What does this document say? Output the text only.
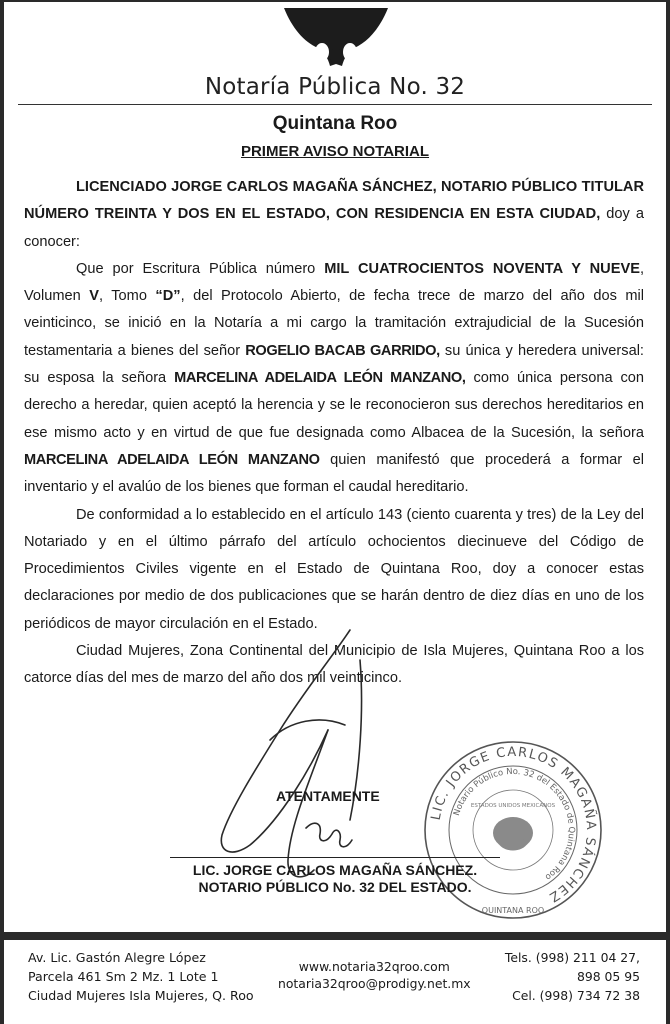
Notaría Pública No. 32
Quintana Roo
PRIMER AVISO NOTARIAL

LICENCIADO JORGE CARLOS MAGAÑA SÁNCHEZ, NOTARIO PÚBLICO TITULAR NÚMERO TREINTA Y DOS EN EL ESTADO, CON RESIDENCIA EN ESTA CIUDAD, doy a conocer:

Que por Escritura Pública número MIL CUATROCIENTOS NOVENTA Y NUEVE, Volumen V, Tomo “D”, del Protocolo Abierto, de fecha trece de marzo del año dos mil veinticinco, se inició en la Notaría a mi cargo la tramitación extrajudicial de la Sucesión testamentaria a bienes del señor ROGELIO BACAB GARRIDO, su única y heredera universal: su esposa la señora MARCELINA ADELAIDA LEÓN MANZANO, como única persona con derecho a heredar, quien aceptó la herencia y se le reconocieron sus derechos hereditarios en ese mismo acto y en virtud de que fue designada como Albacea de la Sucesión, la señora MARCELINA ADELAIDA LEÓN MANZANO quien manifestó que procederá a formar el inventario y el avalúo de los bienes que forman el caudal hereditario.

De conformidad a lo establecido en el artículo 143 (ciento cuarenta y tres) de la Ley del Notariado y en el último párrafo del artículo ochocientos diecinueve del Código de Procedimientos Civiles vigente en el Estado de Quintana Roo, doy a conocer estas declaraciones por medio de dos publicaciones que se harán dentro de diez días en uno de los periódicos de mayor circulación en el Estado.

Ciudad Mujeres, Zona Continental del Municipio de Isla Mujeres, Quintana Roo a los catorce días del mes de marzo del año dos mil veinticinco.

LIC. JORGE CARLOS MAGAÑA SÁNCHEZ
Notario Público No. 32 del Estado de Quintana Roo
ESTADOS UNIDOS MEXICANOS
QUINTANA ROO
ATENTAMENTE
LIC. JORGE CARLOS MAGAÑA SÁNCHEZ.
NOTARIO PÚBLICO No. 32 DEL ESTADO.
Av. Lic. Gastón Alegre López
Parcela 461 Sm 2 Mz. 1 Lote 1
Ciudad Mujeres Isla Mujeres, Q. Roo
www.notaria32qroo.com
notaria32qroo@prodigy.net.mx
Tels. (998) 211 04 27,
898 05 95
Cel. (998) 734 72 38
